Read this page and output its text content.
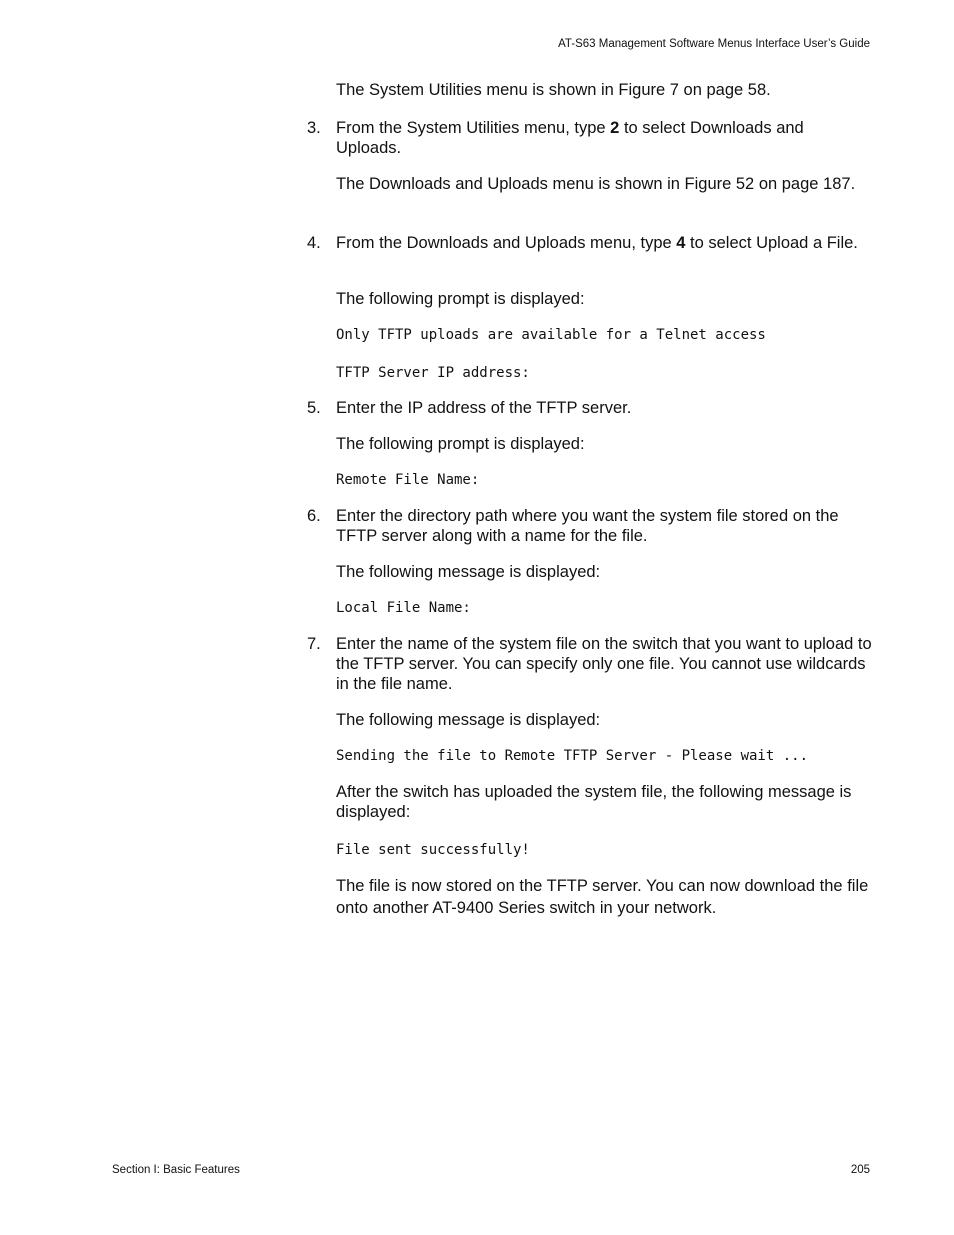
AT-S63 Management Software Menus Interface User’s Guide
The System Utilities menu is shown in Figure 7 on page 58.
3. From the System Utilities menu, type 2 to select Downloads and Uploads.
The Downloads and Uploads menu is shown in Figure 52 on page 187.
4. From the Downloads and Uploads menu, type 4 to select Upload a File.
The following prompt is displayed:
Only TFTP uploads are available for a Telnet access
TFTP Server IP address:
5. Enter the IP address of the TFTP server.
The following prompt is displayed:
Remote File Name:
6. Enter the directory path where you want the system file stored on the TFTP server along with a name for the file.
The following message is displayed:
Local File Name:
7. Enter the name of the system file on the switch that you want to upload to the TFTP server. You can specify only one file. You cannot use wildcards in the file name.
The following message is displayed:
Sending the file to Remote TFTP Server - Please wait ...
After the switch has uploaded the system file, the following message is displayed:
File sent successfully!
The file is now stored on the TFTP server. You can now download the file onto another AT-9400 Series switch in your network.
Section I: Basic Features	205
